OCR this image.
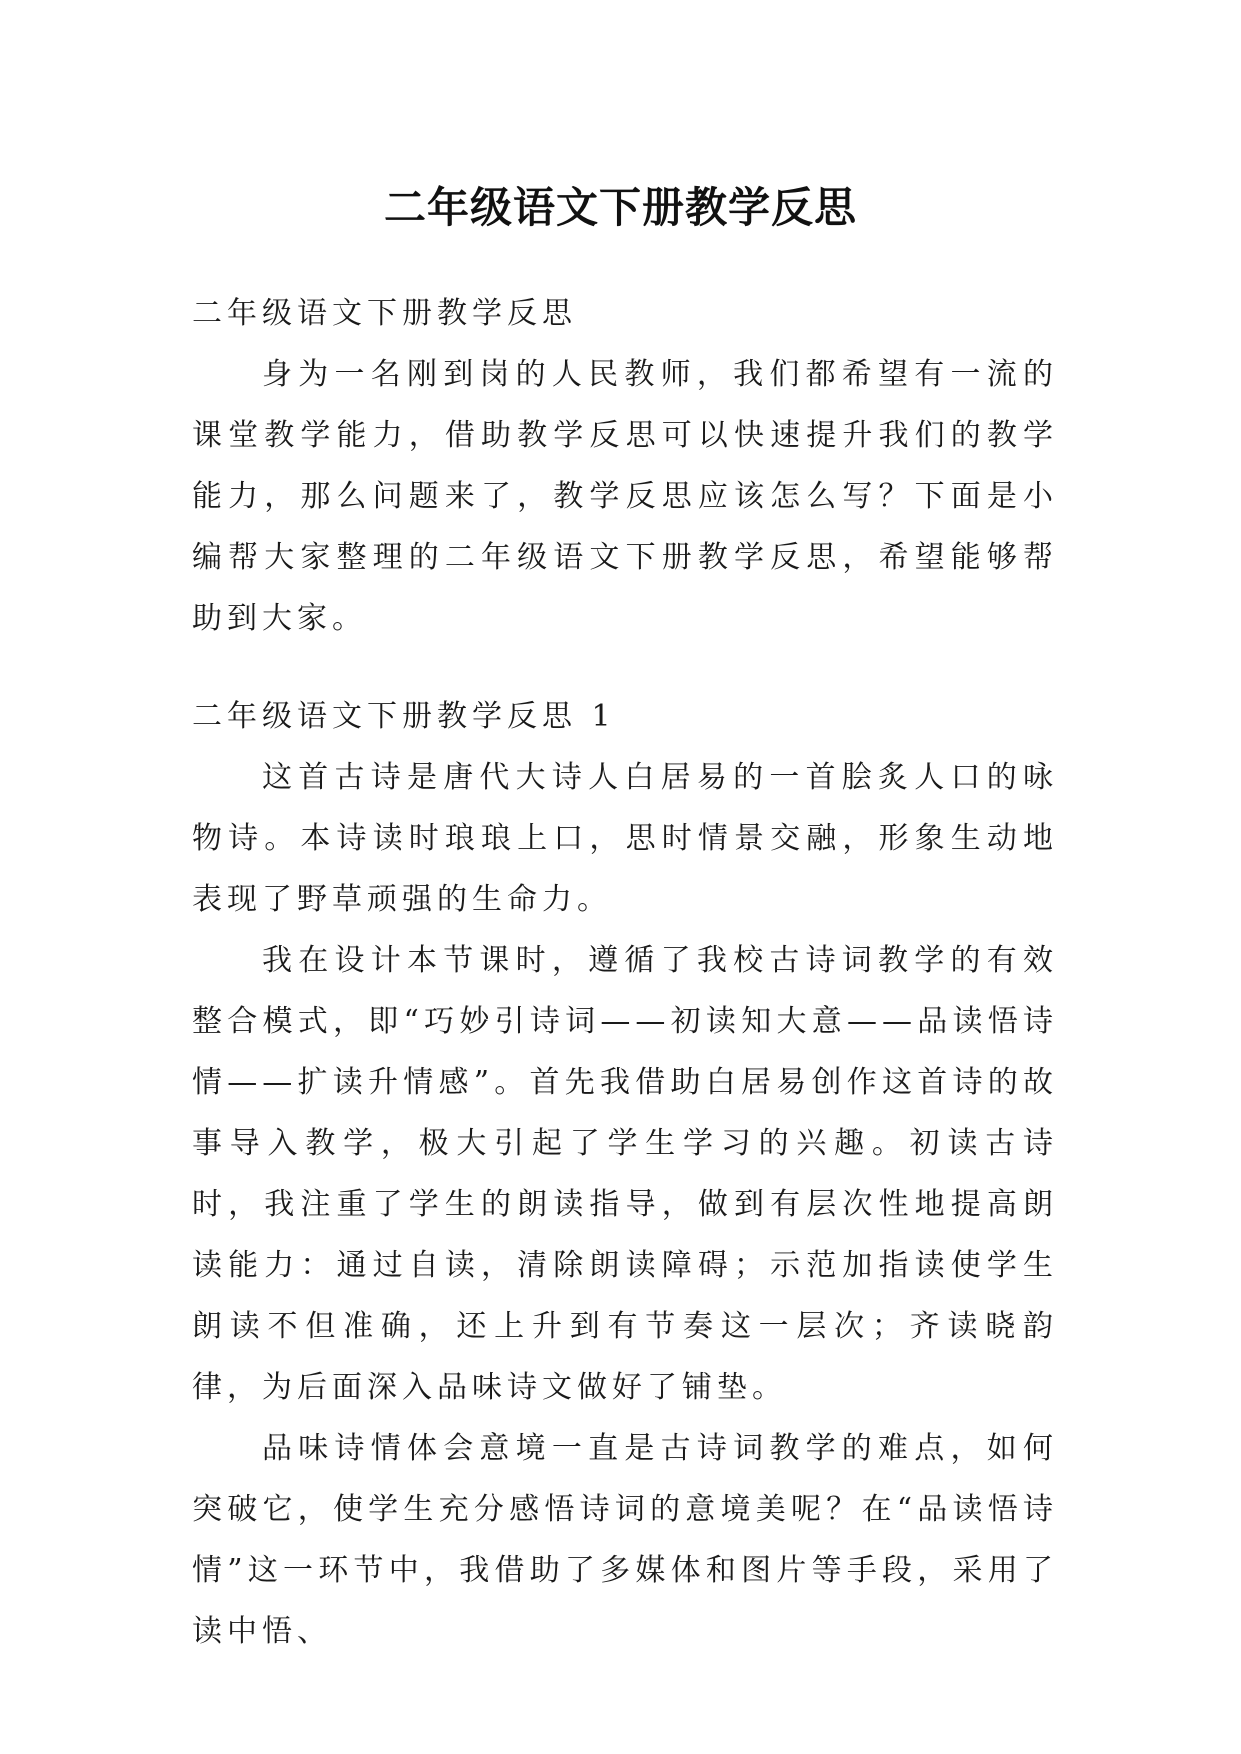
二年级语文下册教学反思

二年级语文下册教学反思

身为一名刚到岗的人民教师，我们都希望有一流的课堂教学能力，借助教学反思可以快速提升我们的教学能力，那么问题来了，教学反思应该怎么写？下面是小编帮大家整理的二年级语文下册教学反思，希望能够帮助到大家。

二年级语文下册教学反思 1

这首古诗是唐代大诗人白居易的一首脍炙人口的咏物诗。本诗读时琅琅上口，思时情景交融，形象生动地表现了野草顽强的生命力。

我在设计本节课时，遵循了我校古诗词教学的有效整合模式，即“巧妙引诗词——初读知大意——品读悟诗情——扩读升情感”。首先我借助白居易创作这首诗的故事导入教学，极大引起了学生学习的兴趣。初读古诗时，我注重了学生的朗读指导，做到有层次性地提高朗读能力：通过自读，清除朗读障碍；示范加指读使学生朗读不但准确，还上升到有节奏这一层次；齐读晓韵律，为后面深入品味诗文做好了铺垫。

品味诗情体会意境一直是古诗词教学的难点，如何突破它，使学生充分感悟诗词的意境美呢？在“品读悟诗情”这一环节中，我借助了多媒体和图片等手段，采用了读中悟、
